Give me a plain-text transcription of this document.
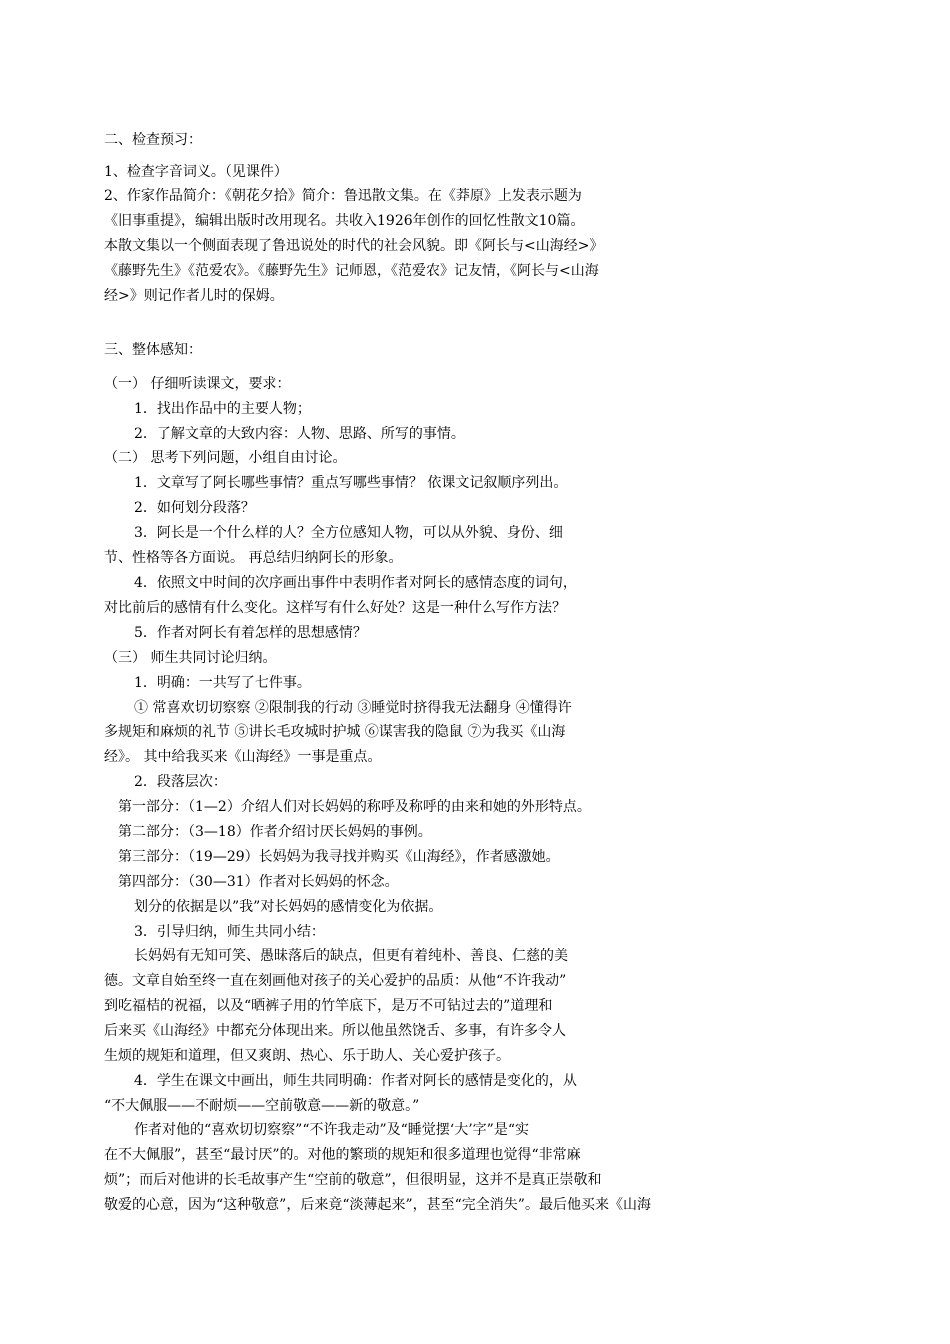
二、检查预习：
1、检查字音词义。（见课件）
2、作家作品简介：《朝花夕拾》简介：鲁迅散文集。在《莽原》上发表示题为
《旧事重提》，编辑出版时改用现名。共收入1926年创作的回忆性散文10篇。
本散文集以一个侧面表现了鲁迅说处的时代的社会风貌。即《阿长与<山海经>》
《藤野先生》《范爱农》。《藤野先生》记师恩，《范爱农》记友情，《阿长与<山海
经>》则记作者儿时的保姆。
三、整体感知：
（一） 仔细听读课文，要求：
1．找出作品中的主要人物；
2．了解文章的大致内容：人物、思路、所写的事情。
（二） 思考下列问题，小组自由讨论。
1．文章写了阿长哪些事情？重点写哪些事情？ 依课文记叙顺序列出。
2．如何划分段落？
3．阿长是一个什么样的人？全方位感知人物，可以从外貌、身份、细
节、性格等各方面说。 再总结归纳阿长的形象。
4．依照文中时间的次序画出事件中表明作者对阿长的感情态度的词句，
对比前后的感情有什么变化。这样写有什么好处？这是一种什么写作方法？
5．作者对阿长有着怎样的思想感情？
（三） 师生共同讨论归纳。
1．明确：一共写了七件事。
① 常喜欢切切察察 ②限制我的行动 ③睡觉时挤得我无法翻身 ④懂得许
多规矩和麻烦的礼节 ⑤讲长毛攻城时护城 ⑥谋害我的隐鼠 ⑦为我买《山海
经》。 其中给我买来《山海经》一事是重点。
2．段落层次：
第一部分：（1—2）介绍人们对长妈妈的称呼及称呼的由来和她的外形特点。
第二部分：（3—18）作者介绍讨厌长妈妈的事例。
第三部分：（19—29）长妈妈为我寻找并购买《山海经》，作者感激她。
第四部分：（30—31）作者对长妈妈的怀念。
划分的依据是以”我”对长妈妈的感情变化为依据。
3．引导归纳，师生共同小结：
长妈妈有无知可笑、愚昧落后的缺点，但更有着纯朴、善良、仁慈的美
德。文章自始至终一直在刻画他对孩子的关心爱护的品质：从他“不许我动”
到吃福桔的祝福，以及“晒裤子用的竹竿底下，是万不可钻过去的”道理和
后来买《山海经》中都充分体现出来。所以他虽然饶舌、多事，有许多令人
生烦的规矩和道理，但又爽朗、热心、乐于助人、关心爱护孩子。
4．学生在课文中画出，师生共同明确：作者对阿长的感情是变化的，从
“不大佩服——不耐烦——空前敬意——新的敬意。”
作者对他的“喜欢切切察察”“不许我走动”及“睡觉摆‘大’字”是“实
在不大佩服”，甚至“最讨厌”的。对他的繁琐的规矩和很多道理也觉得“非常麻
烦”；而后对他讲的长毛故事产生“空前的敬意”，但很明显，这并不是真正崇敬和
敬爱的心意，因为“这种敬意”，后来竟“淡薄起来”，甚至“完全消失”。最后他买来《山海
